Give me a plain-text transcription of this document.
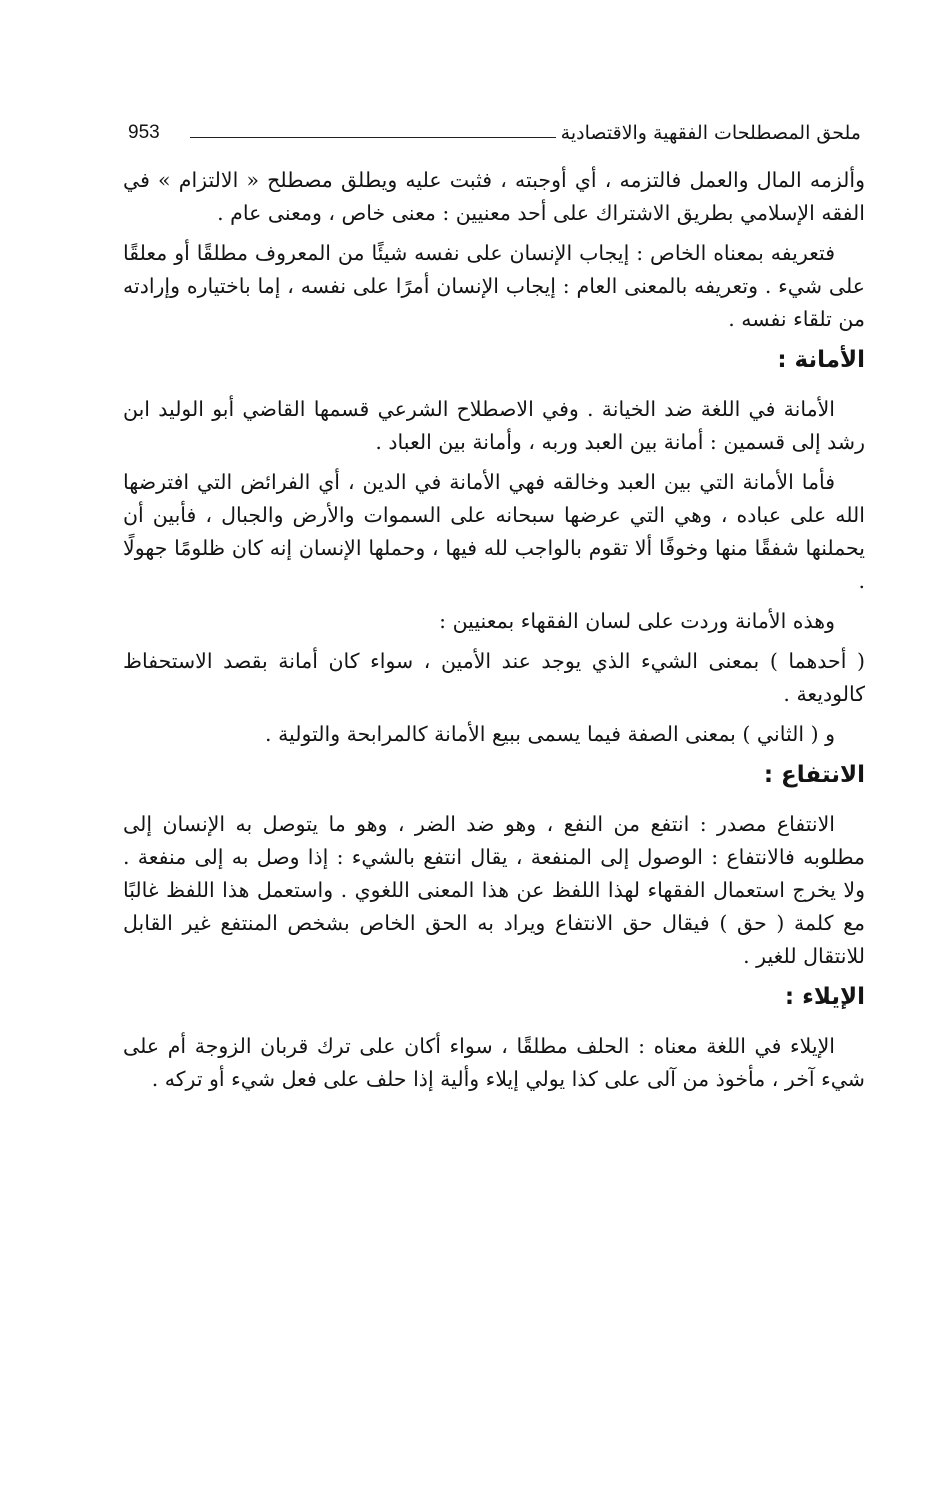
ملحق المصطلحات الفقهية والاقتصادية
953

وألزمه المال والعمل فالتزمه ، أي أوجبته ، فثبت عليه ويطلق مصطلح « الالتزام » في الفقه الإسلامي بطريق الاشتراك على أحد معنيين : معنى خاص ، ومعنى عام .

فتعريفه بمعناه الخاص : إيجاب الإنسان على نفسه شيئًا من المعروف مطلقًا أو معلقًا على شيء . وتعريفه بالمعنى العام : إيجاب الإنسان أمرًا على نفسه ، إما باختياره وإرادته من تلقاء نفسه .

الأمانة :

الأمانة في اللغة ضد الخيانة . وفي الاصطلاح الشرعي قسمها القاضي أبو الوليد ابن رشد إلى قسمين : أمانة بين العبد وربه ، وأمانة بين العباد .

فأما الأمانة التي بين العبد وخالقه فهي الأمانة في الدين ، أي الفرائض التي افترضها الله على عباده ، وهي التي عرضها سبحانه على السموات والأرض والجبال ، فأبين أن يحملنها شفقًا منها وخوفًا ألا تقوم بالواجب لله فيها ، وحملها الإنسان إنه كان ظلومًا جهولًا .

وهذه الأمانة وردت على لسان الفقهاء بمعنيين :

( أحدهما ) بمعنى الشيء الذي يوجد عند الأمين ، سواء كان أمانة بقصد الاستحفاظ كالوديعة .

و ( الثاني ) بمعنى الصفة فيما يسمى ببيع الأمانة كالمرابحة والتولية .

الانتفاع :

الانتفاع مصدر : انتفع من النفع ، وهو ضد الضر ، وهو ما يتوصل به الإنسان إلى مطلوبه فالانتفاع : الوصول إلى المنفعة ، يقال انتفع بالشيء : إذا وصل به إلى منفعة . ولا يخرج استعمال الفقهاء لهذا اللفظ عن هذا المعنى اللغوي . واستعمل هذا اللفظ غالبًا مع كلمة ( حق ) فيقال حق الانتفاع ويراد به الحق الخاص بشخص المنتفع غير القابل للانتقال للغير .

الإيلاء :

الإيلاء في اللغة معناه : الحلف مطلقًا ، سواء أكان على ترك قربان الزوجة أم على شيء آخر ، مأخوذ من آلى على كذا يولي إيلاء وألية إذا حلف على فعل شيء أو تركه .
